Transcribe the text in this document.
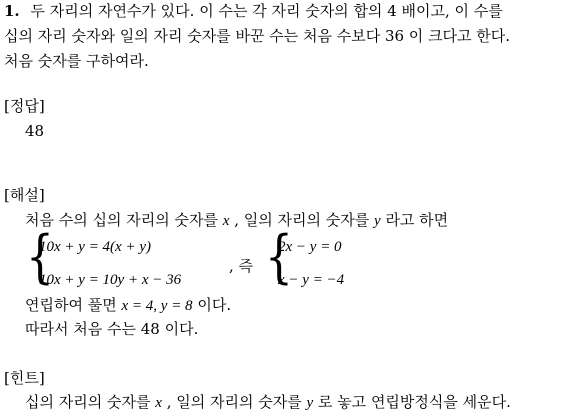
1. 두 자리의 자연수가 있다. 이 수는 각 자리 숫자의 합의 4 배이고, 이 수를
십의 자리 숫자와 일의 자리 숫자를 바꾼 수는 처음 수보다 36 이 크다고 한다.
처음 숫자를 구하여라.
[정답]
48
[해설]
처음 수의 십의 자리의 숫자를 x , 일의 자리의 숫자를 y 라고 하면
{
10x + y = 4(x + y)
10x + y = 10y + x − 36
, 즉 {
2x − y = 0
x − y = −4
연립하여 풀면 x = 4, y = 8 이다.
따라서 처음 수는 48 이다.
[힌트]
십의 자리의 숫자를 x , 일의 자리의 숫자를 y 로 놓고 연립방정식을 세운다.
